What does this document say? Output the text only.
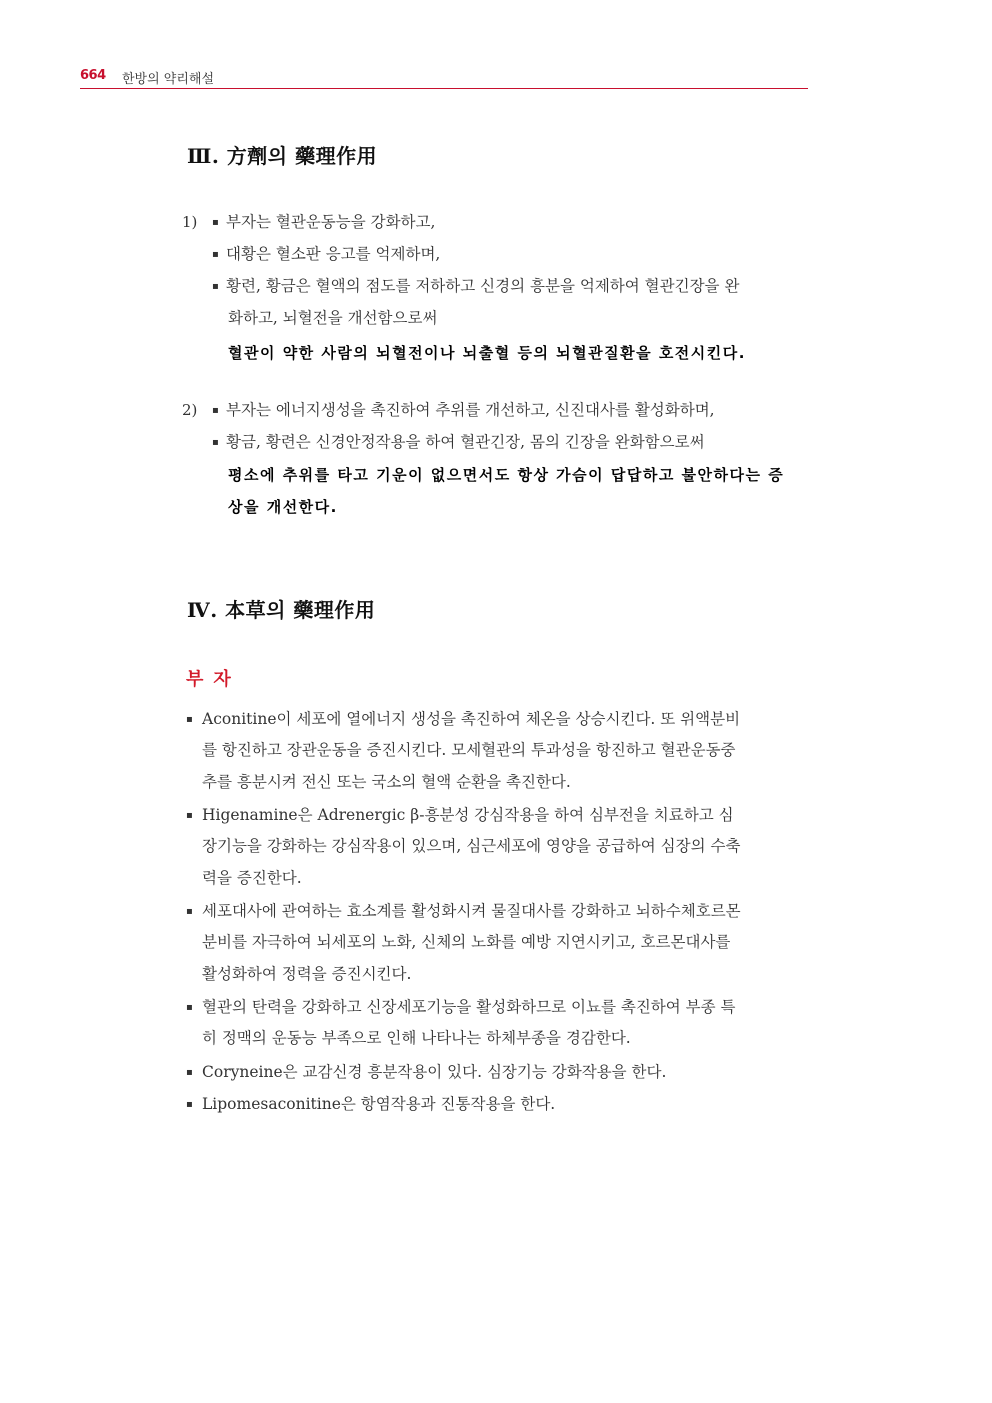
664 한방의 약리해설
Ⅲ. 方劑의 藥理作用
1)	▪ 부자는 혈관운동능을 강화하고,
▪ 대황은 혈소판 응고를 억제하며,
▪ 황련, 황금은 혈액의 점도를 저하하고 신경의 흥분을 억제하여 혈관긴장을 완
화하고, 뇌혈전을 개선함으로써
혈관이 약한 사람의 뇌혈전이나 뇌출혈 등의 뇌혈관질환을 호전시킨다.
2)	▪ 부자는 에너지생성을 촉진하여 추위를 개선하고, 신진대사를 활성화하며,
▪ 황금, 황련은 신경안정작용을 하여 혈관긴장, 몸의 긴장을 완화함으로써
평소에 추위를 타고 기운이 없으면서도 항상 가슴이 답답하고 불안하다는 증
상을 개선한다.
Ⅳ. 本草의 藥理作用
부자
▪ Aconitine이 세포에 열에너지 생성을 촉진하여 체온을 상승시킨다. 또 위액분비
를 항진하고 장관운동을 증진시킨다. 모세혈관의 투과성을 항진하고 혈관운동중
추를 흥분시켜 전신 또는 국소의 혈액 순환을 촉진한다.
▪ Higenamine은 Adrenergic β-흥분성 강심작용을 하여 심부전을 치료하고 심
장기능을 강화하는 강심작용이 있으며, 심근세포에 영양을 공급하여 심장의 수축
력을 증진한다.
▪ 세포대사에 관여하는 효소계를 활성화시켜 물질대사를 강화하고 뇌하수체호르몬
분비를 자극하여 뇌세포의 노화, 신체의 노화를 예방 지연시키고, 호르몬대사를
활성화하여 정력을 증진시킨다.
▪ 혈관의 탄력을 강화하고 신장세포기능을 활성화하므로 이뇨를 촉진하여 부종 특
히 정맥의 운동능 부족으로 인해 나타나는 하체부종을 경감한다.
▪ Coryneine은 교감신경 흥분작용이 있다. 심장기능 강화작용을 한다.
▪ Lipomesaconitine은 항염작용과 진통작용을 한다.
